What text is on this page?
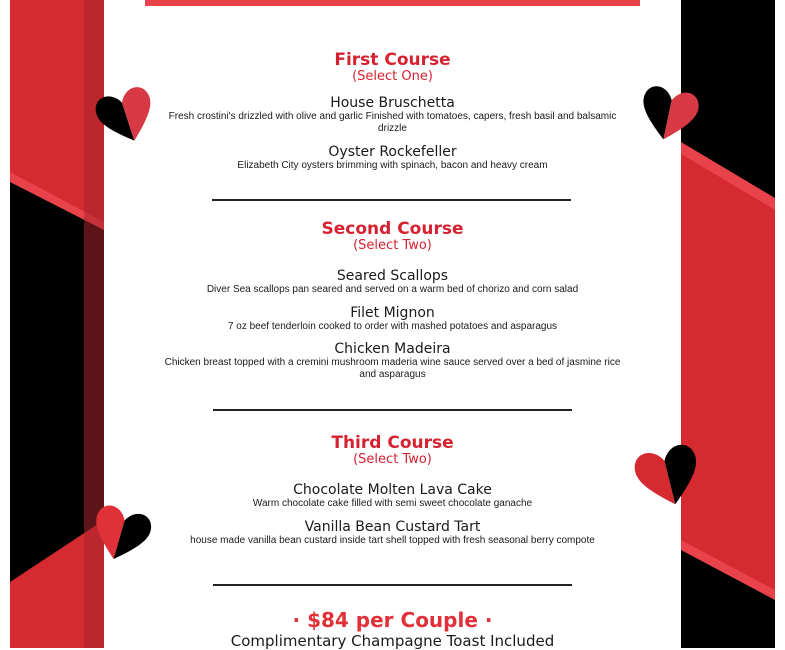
First Course

(Select One)

House Bruschetta
Fresh crostini's drizzled with olive and garlic Finished with tomatoes, capers, fresh basil and balsamic drizzle
Oyster Rockefeller
Elizabeth City oysters brimming with spinach, bacon and heavy cream

Second Course

(Select Two)

Seared Scallops
Diver Sea scallops pan seared and served on a warm bed of chorizo and corn salad
Filet Mignon
7 oz beef tenderloin cooked to order with mashed potatoes and asparagus
Chicken Madeira
Chicken breast topped with a cremini mushroom maderia wine sauce served over a bed of jasmine rice and asparagus

Third Course

(Select Two)

Chocolate Molten Lava Cake
Warm chocolate cake filled with semi sweet chocolate ganache
Vanilla Bean Custard Tart
house made vanilla bean custard inside tart shell topped with fresh seasonal berry compote

· $84 per Couple ·

Complimentary Champagne Toast Included
